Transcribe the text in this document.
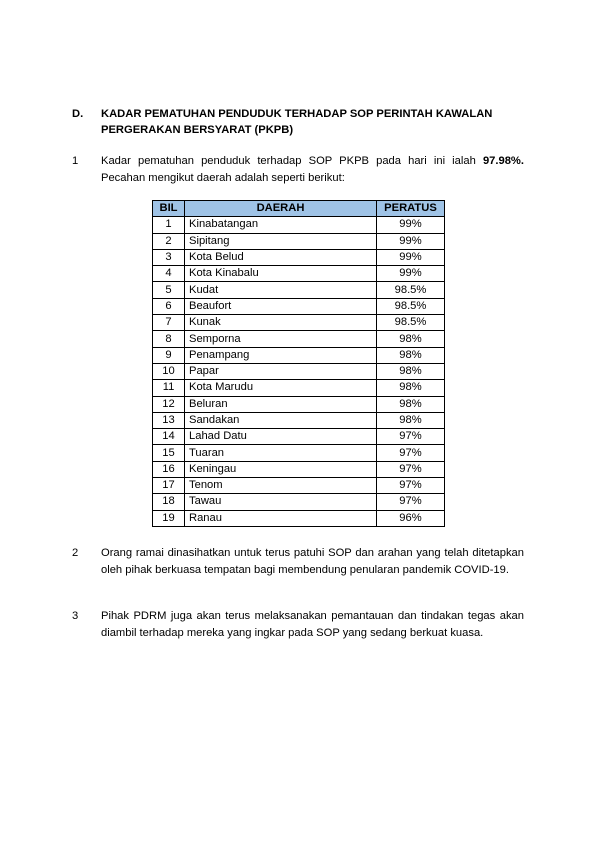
D. KADAR PEMATUHAN PENDUDUK TERHADAP SOP PERINTAH KAWALAN PERGERAKAN BERSYARAT (PKPB)
1 Kadar pematuhan penduduk terhadap SOP PKPB pada hari ini ialah 97.98%. Pecahan mengikut daerah adalah seperti berikut:
BIL	DAERAH	PERATUS
1	Kinabatangan	99%
2	Sipitang	99%
3	Kota Belud	99%
4	Kota Kinabalu	99%
5	Kudat	98.5%
6	Beaufort	98.5%
7	Kunak	98.5%
8	Semporna	98%
9	Penampang	98%
10	Papar	98%
11	Kota Marudu	98%
12	Beluran	98%
13	Sandakan	98%
14	Lahad Datu	97%
15	Tuaran	97%
16	Keningau	97%
17	Tenom	97%
18	Tawau	97%
19	Ranau	96%
2 Orang ramai dinasihatkan untuk terus patuhi SOP dan arahan yang telah ditetapkan oleh pihak berkuasa tempatan bagi membendung penularan pandemik COVID-19.
3 Pihak PDRM juga akan terus melaksanakan pemantauan dan tindakan tegas akan diambil terhadap mereka yang ingkar pada SOP yang sedang berkuat kuasa.
